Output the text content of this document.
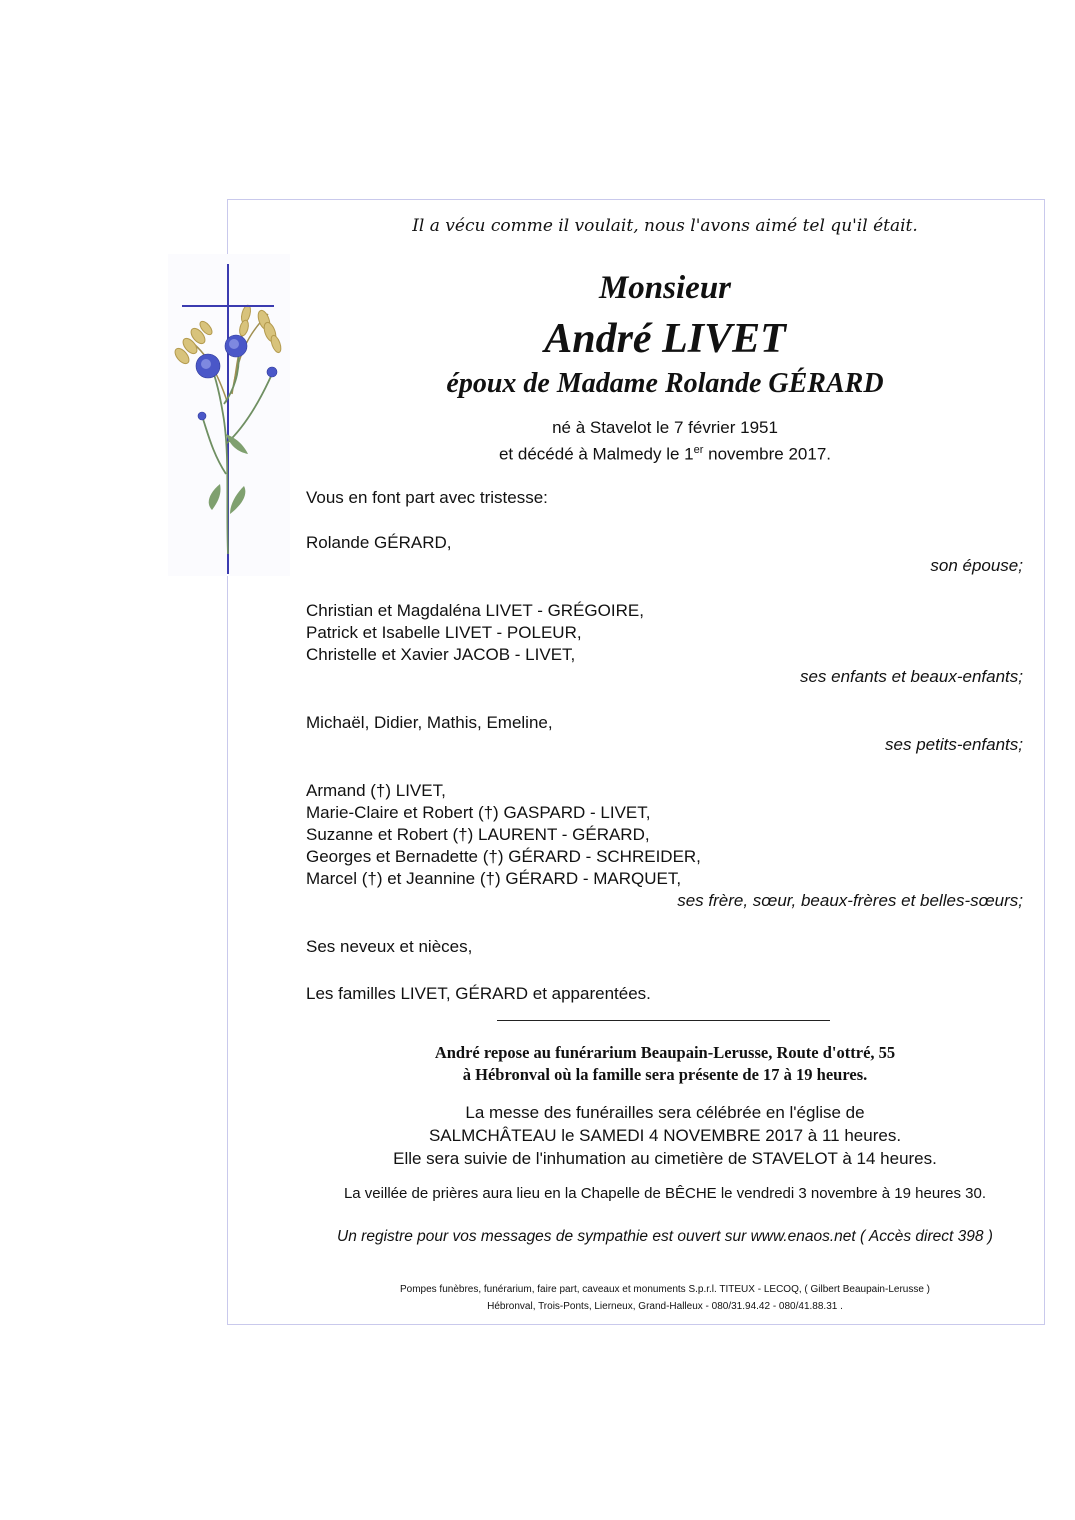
Il a vécu comme il voulait, nous l'avons aimé tel qu'il était.
Monsieur
André LIVET
époux de Madame Rolande GÉRARD
né à Stavelot le 7 février 1951
et décédé à Malmedy le 1er novembre 2017.
Vous en font part avec tristesse:
Rolande GÉRARD,
son épouse;
Christian et Magdaléna LIVET - GRÉGOIRE,
Patrick et Isabelle LIVET - POLEUR,
Christelle et Xavier JACOB - LIVET,
ses enfants et beaux-enfants;
Michaël, Didier, Mathis, Emeline,
ses petits-enfants;
Armand (†) LIVET,
Marie-Claire et Robert (†) GASPARD - LIVET,
Suzanne et Robert (†) LAURENT - GÉRARD,
Georges et Bernadette (†) GÉRARD - SCHREIDER,
Marcel (†) et Jeannine (†) GÉRARD - MARQUET,
ses frère, sœur, beaux-frères et belles-sœurs;
Ses neveux et nièces,
Les familles LIVET, GÉRARD et apparentées.
André repose au funérarium Beaupain-Lerusse, Route d'ottré, 55
à Hébronval où la famille sera présente de 17 à 19 heures.
La messe des funérailles sera célébrée en l'église de
SALMCHÂTEAU le SAMEDI 4 NOVEMBRE 2017 à 11 heures.
Elle sera suivie de l'inhumation au cimetière de STAVELOT à 14 heures.
La veillée de prières aura lieu en la Chapelle de BÊCHE le vendredi 3 novembre à 19 heures 30.
Un registre pour vos messages de sympathie est ouvert sur www.enaos.net ( Accès direct 398 )
Pompes funèbres, funérarium, faire part, caveaux et monuments S.p.r.l. TITEUX - LECOQ, ( Gilbert Beaupain-Lerusse )
Hébronval, Trois-Ponts, Lierneux, Grand-Halleux - 080/31.94.42 - 080/41.88.31 .
